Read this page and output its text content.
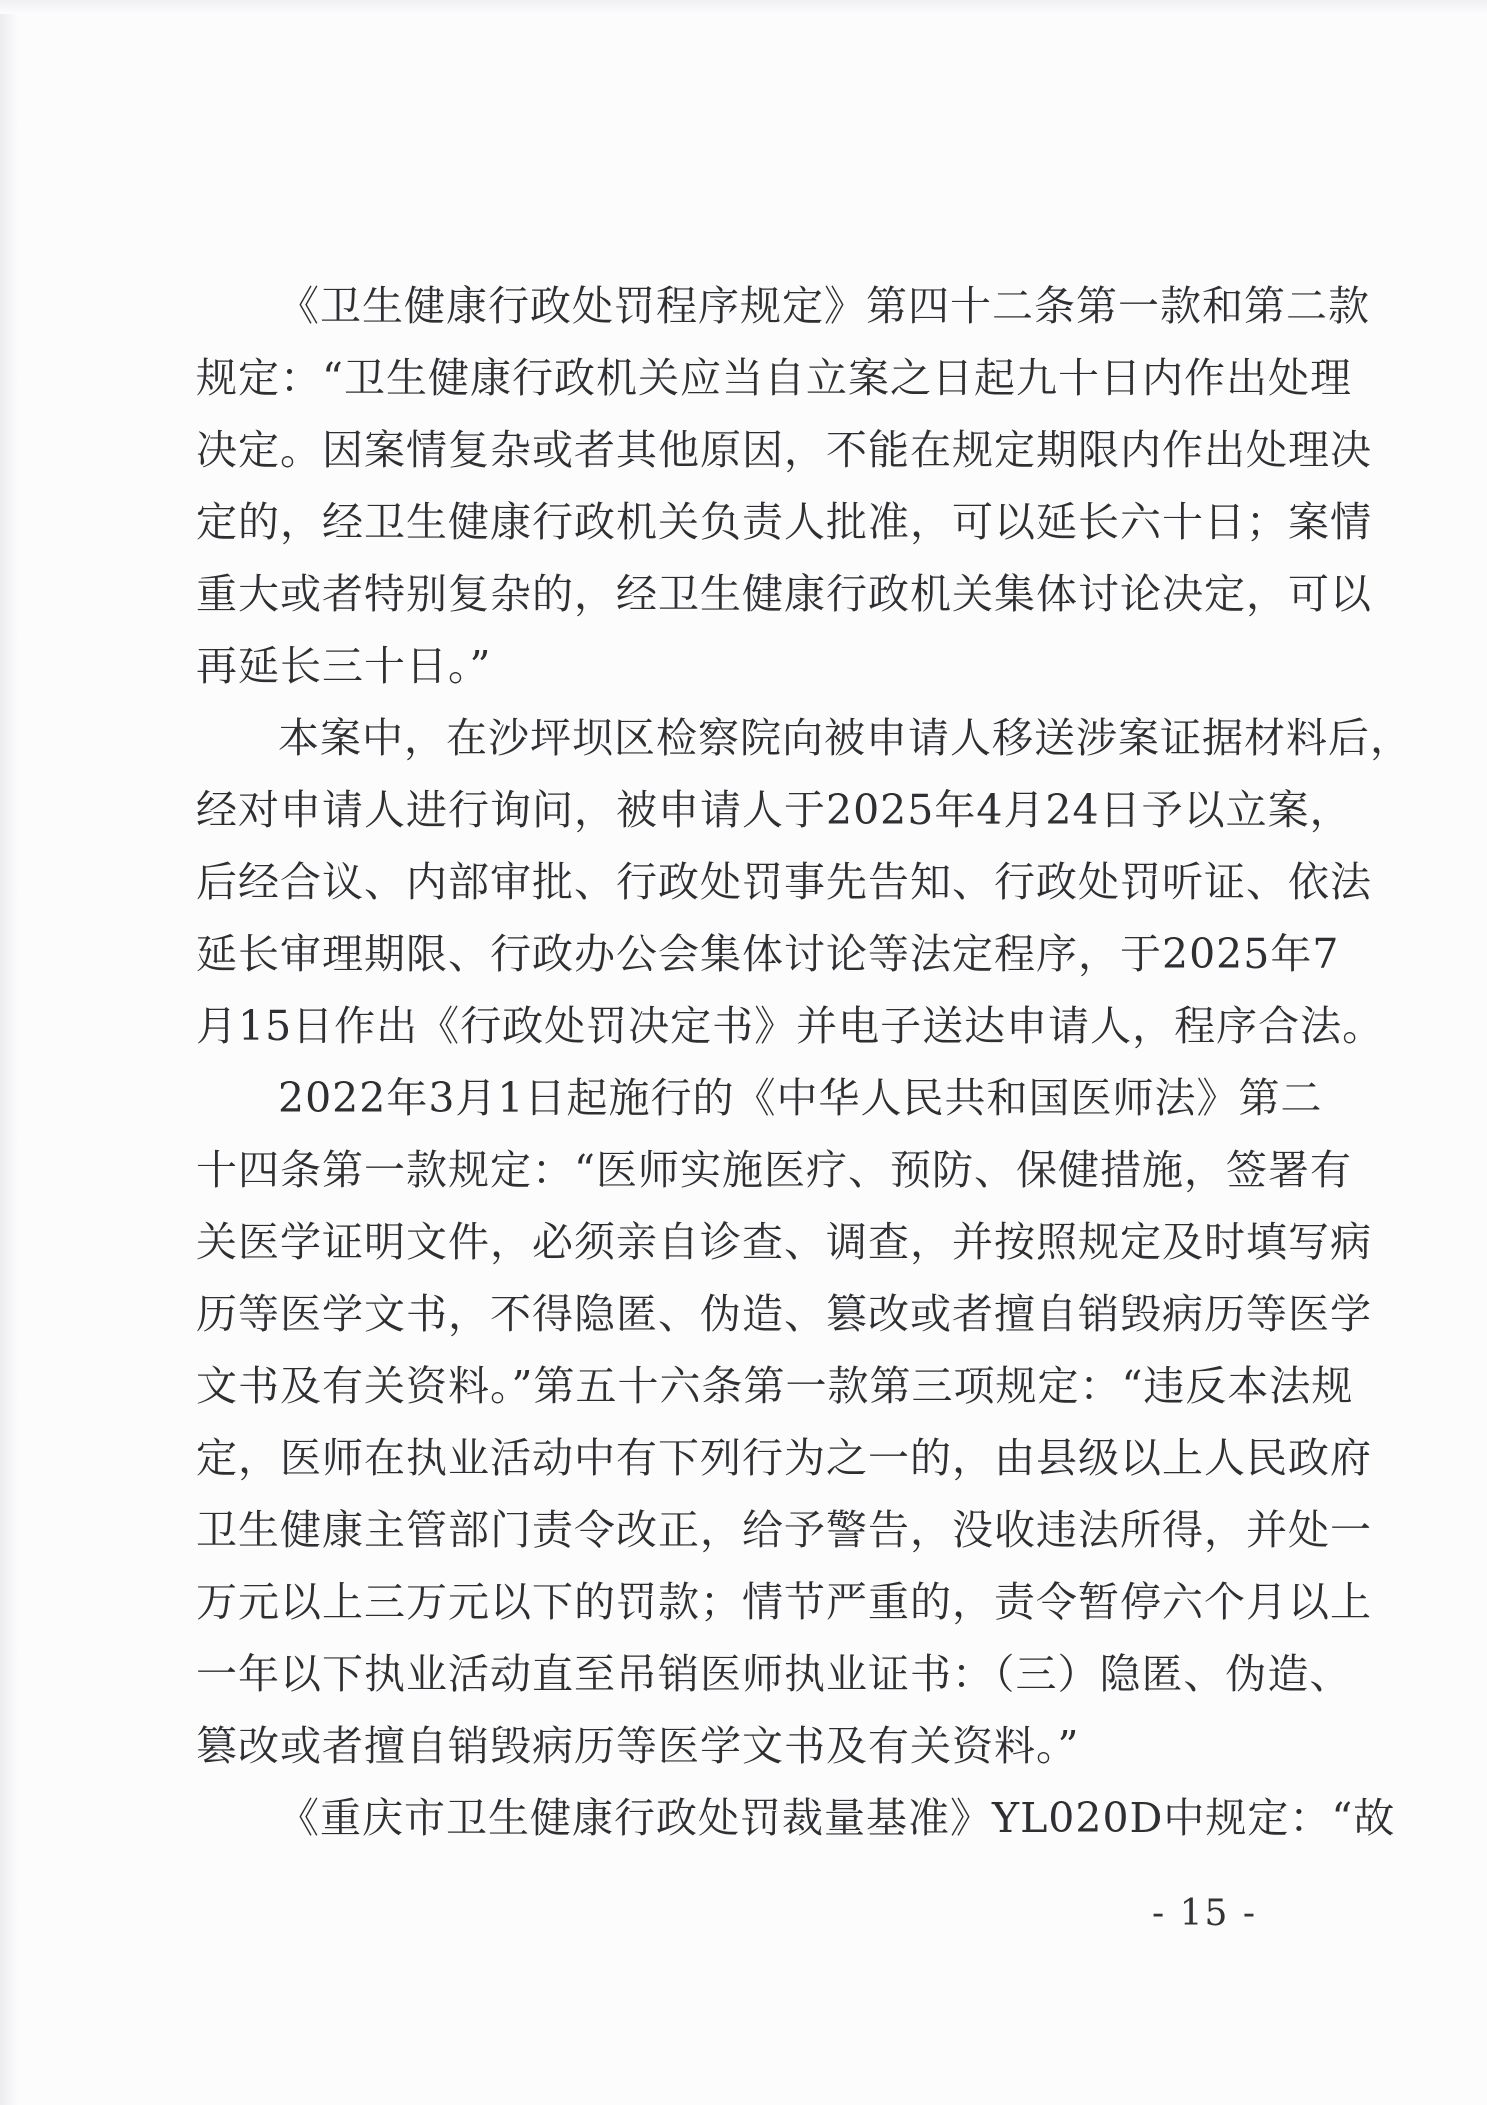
《卫生健康行政处罚程序规定》第四十二条第一款和第二款
规定：“卫生健康行政机关应当自立案之日起九十日内作出处理
决定。因案情复杂或者其他原因，不能在规定期限内作出处理决
定的，经卫生健康行政机关负责人批准，可以延长六十日；案情
重大或者特别复杂的，经卫生健康行政机关集体讨论决定，可以
再延长三十日。”
本案中，在沙坪坝区检察院向被申请人移送涉案证据材料后，
经对申请人进行询问，被申请人于2025年4月24日予以立案，
后经合议、内部审批、行政处罚事先告知、行政处罚听证、依法
延长审理期限、行政办公会集体讨论等法定程序，于2025年7
月15日作出《行政处罚决定书》并电子送达申请人，程序合法。
2022年3月1日起施行的《中华人民共和国医师法》第二
十四条第一款规定：“医师实施医疗、预防、保健措施，签署有
关医学证明文件，必须亲自诊查、调查，并按照规定及时填写病
历等医学文书，不得隐匿、伪造、篡改或者擅自销毁病历等医学
文书及有关资料。”第五十六条第一款第三项规定：“违反本法规
定，医师在执业活动中有下列行为之一的，由县级以上人民政府
卫生健康主管部门责令改正，给予警告，没收违法所得，并处一
万元以上三万元以下的罚款；情节严重的，责令暂停六个月以上
一年以下执业活动直至吊销医师执业证书：（三）隐匿、伪造、
篡改或者擅自销毁病历等医学文书及有关资料。”
《重庆市卫生健康行政处罚裁量基准》YL020D中规定：“故
- 15 -
